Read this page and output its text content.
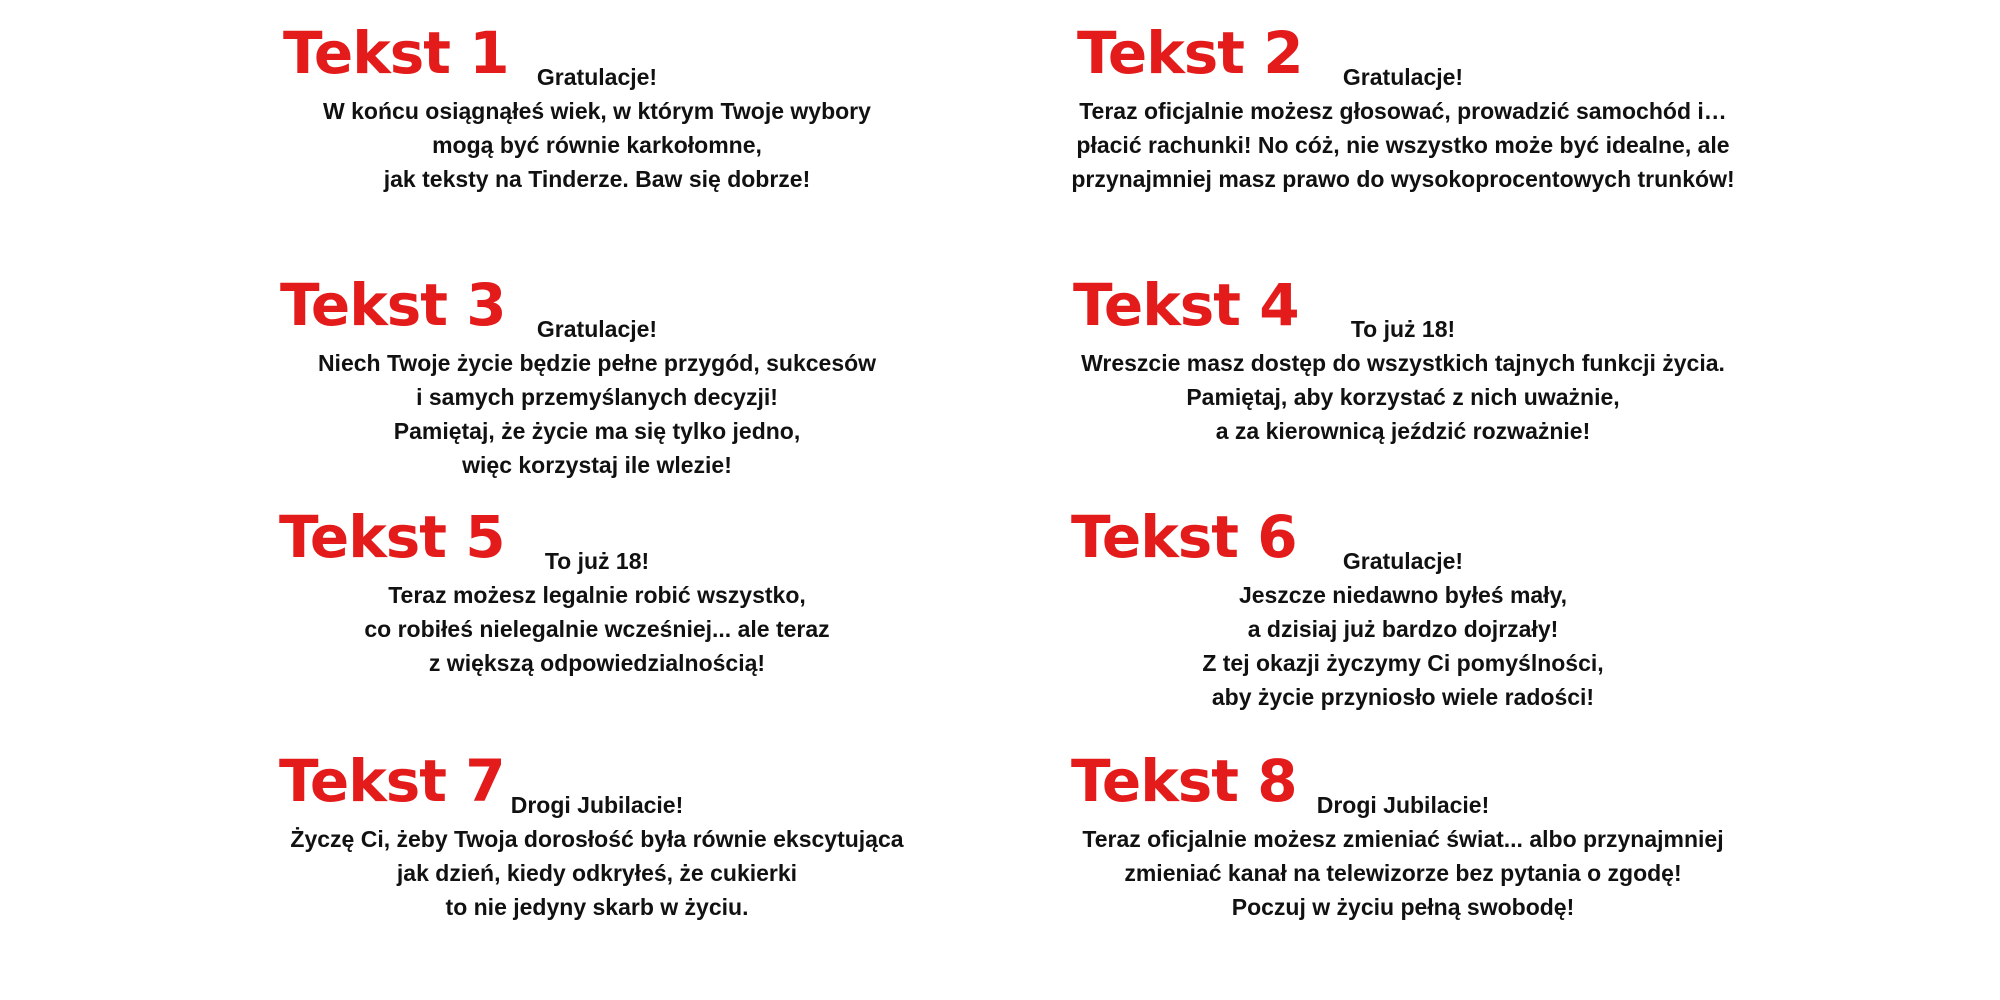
Tekst 1	Gratulacje!
W końcu osiągnąłeś wiek, w którym Twoje wybory
mogą być równie karkołomne,
jak teksty na Tinderze. Baw się dobrze!
Tekst 2	Gratulacje!
Teraz oficjalnie możesz głosować, prowadzić samochód i…
płacić rachunki! No cóż, nie wszystko może być idealne, ale
przynajmniej masz prawo do wysokoprocentowych trunków!
Tekst 3	Gratulacje!
Niech Twoje życie będzie pełne przygód, sukcesów
i samych przemyślanych decyzji!
Pamiętaj, że życie ma się tylko jedno,
więc korzystaj ile wlezie!
Tekst 4	To już 18!
Wreszcie masz dostęp do wszystkich tajnych funkcji życia.
Pamiętaj, aby korzystać z nich uważnie,
a za kierownicą jeździć rozważnie!
Tekst 5	To już 18!
Teraz możesz legalnie robić wszystko,
co robiłeś nielegalnie wcześniej... ale teraz
z większą odpowiedzialnością!
Tekst 6	Gratulacje!
Jeszcze niedawno byłeś mały,
a dzisiaj już bardzo dojrzały!
Z tej okazji życzymy Ci pomyślności,
aby życie przyniosło wiele radości!
Tekst 7 Drogi Jubilacie!
Życzę Ci, żeby Twoja dorosłość była równie ekscytująca
jak dzień, kiedy odkryłeś, że cukierki
to nie jedyny skarb w życiu.
Tekst 8 Drogi Jubilacie!
Teraz oficjalnie możesz zmieniać świat... albo przynajmniej
zmieniać kanał na telewizorze bez pytania o zgodę!
Poczuj w życiu pełną swobodę!
